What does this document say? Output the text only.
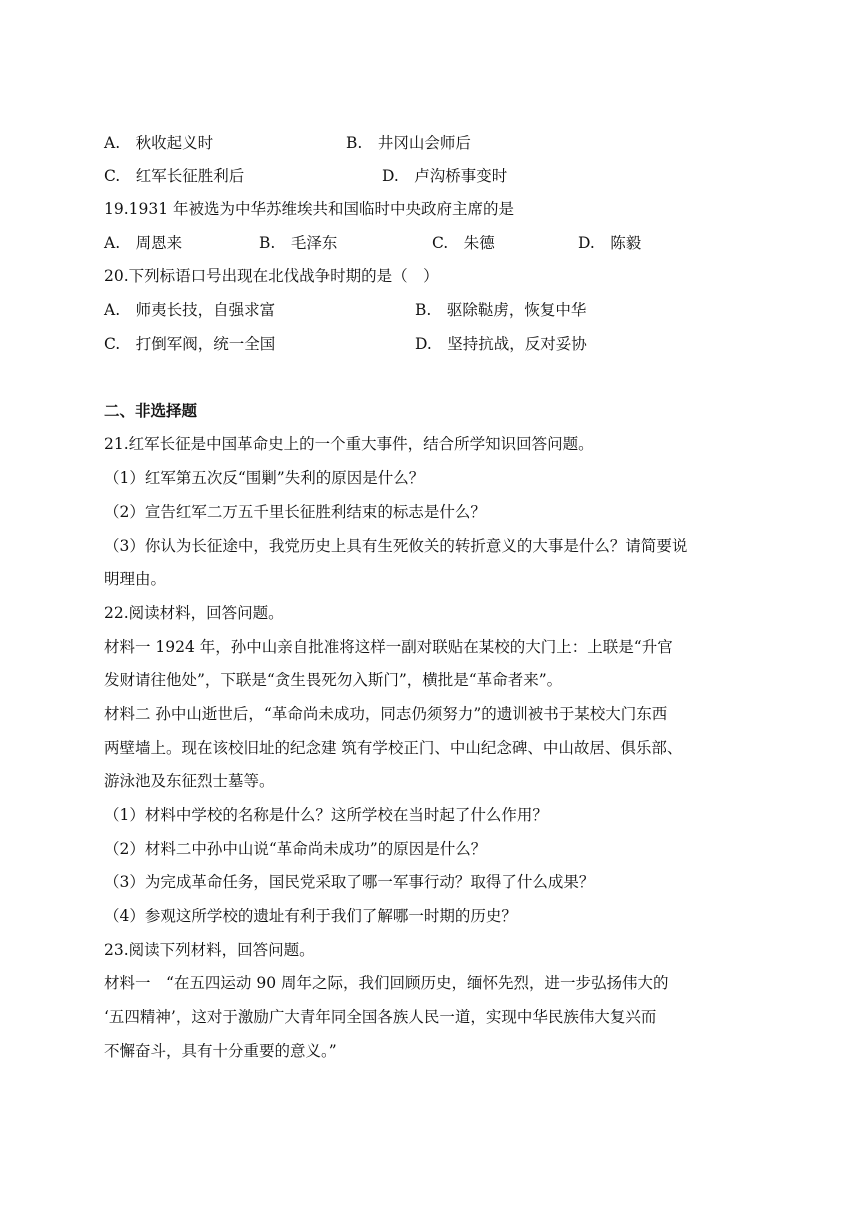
A.　秋收起义时	B.　井冈山会师后
C.　红军长征胜利后	D.　卢沟桥事变时
19.1931 年被选为中华苏维埃共和国临时中央政府主席的是
A.　周恩来	B.　毛泽东	C.　朱德	D.　陈毅
20.下列标语口号出现在北伐战争时期的是（　）
A.　师夷长技，自强求富	B.　驱除鞑虏，恢复中华
C.　打倒军阀，统一全国	D.　坚持抗战，反对妥协
二、非选择题
21.红军长征是中国革命史上的一个重大事件，结合所学知识回答问题。
（1）红军第五次反“围剿”失利的原因是什么？
（2）宣告红军二万五千里长征胜利结束的标志是什么？
（3）你认为长征途中，我党历史上具有生死攸关的转折意义的大事是什么？请简要说
明理由。
22.阅读材料，回答问题。
材料一 1924 年，孙中山亲自批准将这样一副对联贴在某校的大门上：上联是“升官
发财请往他处”，下联是“贪生畏死勿入斯门”，横批是“革命者来”。
材料二 孙中山逝世后，“革命尚未成功，同志仍须努力”的遗训被书于某校大门东西
两壁墙上。现在该校旧址的纪念建 筑有学校正门、中山纪念碑、中山故居、俱乐部、
游泳池及东征烈士墓等。
（1）材料中学校的名称是什么？这所学校在当时起了什么作用？
（2）材料二中孙中山说“革命尚未成功”的原因是什么？
（3）为完成革命任务，国民党采取了哪一军事行动？取得了什么成果？
（4）参观这所学校的遗址有利于我们了解哪一时期的历史？
23.阅读下列材料，回答问题。
材料一　“在五四运动 90 周年之际，我们回顾历史，缅怀先烈，进一步弘扬伟大的
‘五四精神’，这对于激励广大青年同全国各族人民一道，实现中华民族伟大复兴而
不懈奋斗，具有十分重要的意义。”
